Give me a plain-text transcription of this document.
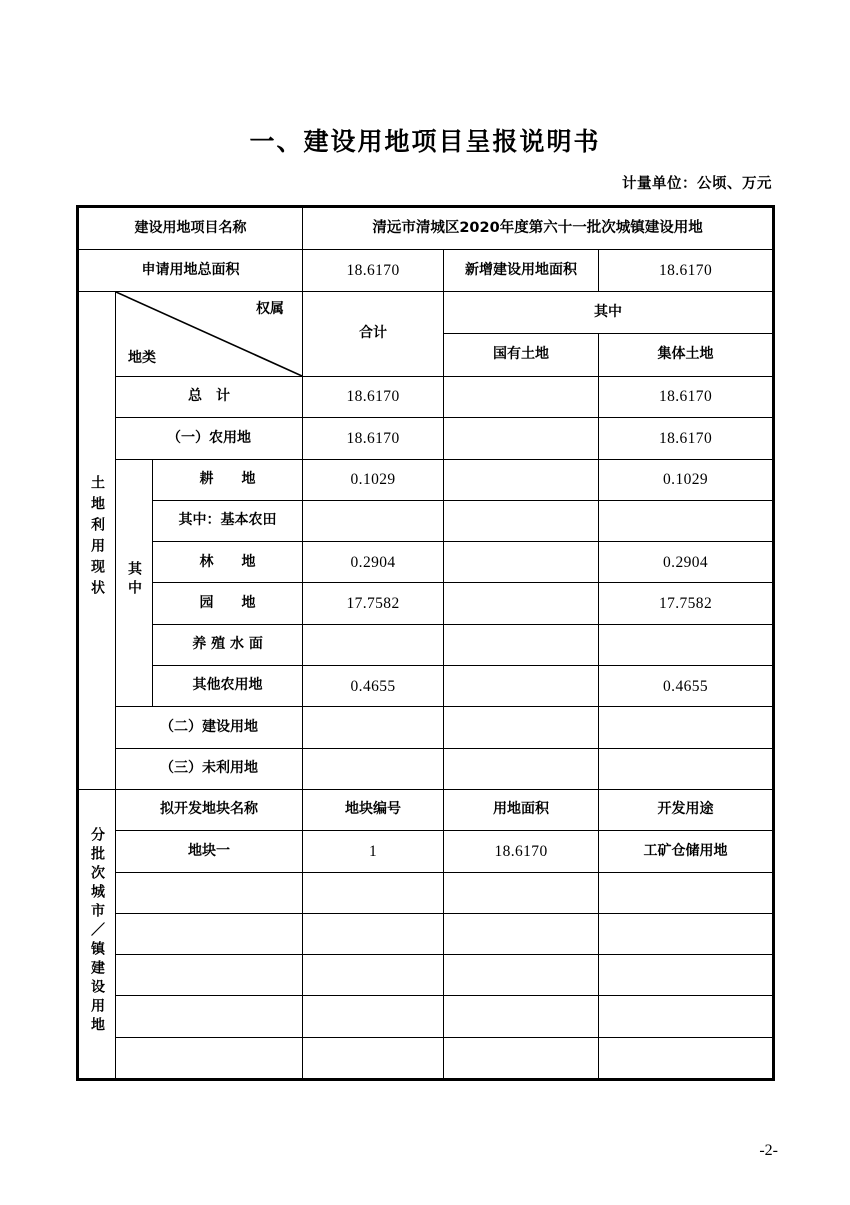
一、建设用地项目呈报说明书
计量单位：公顷、万元
建设用地项目名称			清远市清城区2020年度第六十一批次城镇建设用地		
申请用地总面积			18.6170	新增建设用地面积	18.6170
土地利用现状	权属
地类		合计	其中	
				国有土地	集体土地
	总　计		18.6170		18.6170
	（一）农用地		18.6170		18.6170
	其中	耕　　地	0.1029		0.1029
		其中：基本农田			
		林　　地	0.2904		0.2904
		园　　地	17.7582		17.7582
		养 殖 水 面			
		其他农用地	0.4655		0.4655
	（二）建设用地				
	（三）未利用地				
分批次城市／镇建设用地	拟开发地块名称		地块编号	用地面积	开发用途
	地块一		1	18.6170	工矿仓储用地

-2-
